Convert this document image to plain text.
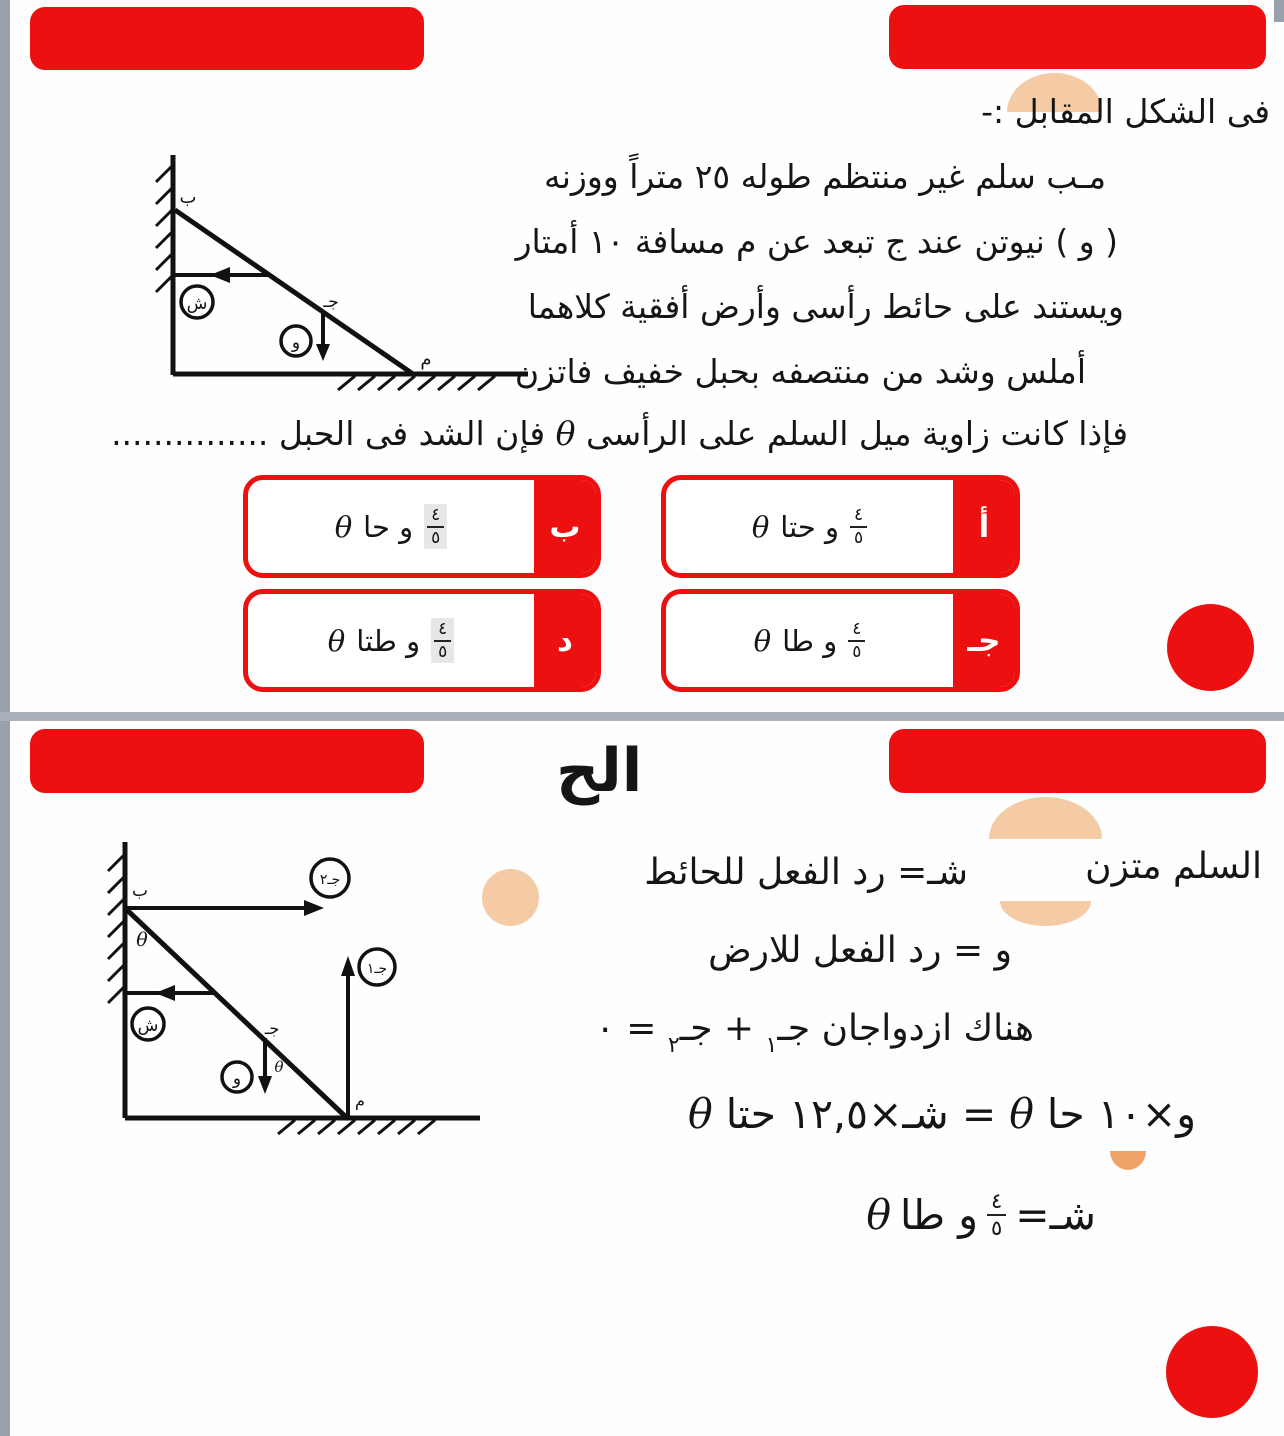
فى الشكل المقابل :-
مـب سلم غير منتظم طوله ٢٥ متراً ووزنه
( و ) نيوتن عند ج تبعد عن م مسافة ١٠ أمتار
ويستند على حائط رأسى وأرض أفقية كلاهما
أملس وشد من منتصفه بحبل خفيف فاتزن
فإذا كانت زاوية ميل السلم على الرأسى θ فإن الشد فى الحبل ...............
ش
و
ب
جـ
م
$\frac{٤}{٥}$
و حتا
θ	أ
$\frac{٤}{٥}$
و حا
θ	ب
$\frac{٤}{٥}$
و طا
θ	جـ
$\frac{٤}{٥}$
و طتا
θ	د
الح
السلم متزن
شـ= رد الفعل للحائط
و = رد الفعل للارض
هناك ازدواجان جـ$_١$ + جـ$_٢$ = ٠
و×١٠ حا θ = شـ×١٢,٥ حتا θ
شـ=
$\frac{٤}{٥}$
و طا
θ
جـ٢
ش
و
جـ١
ب
θ
جـ
θ
م
